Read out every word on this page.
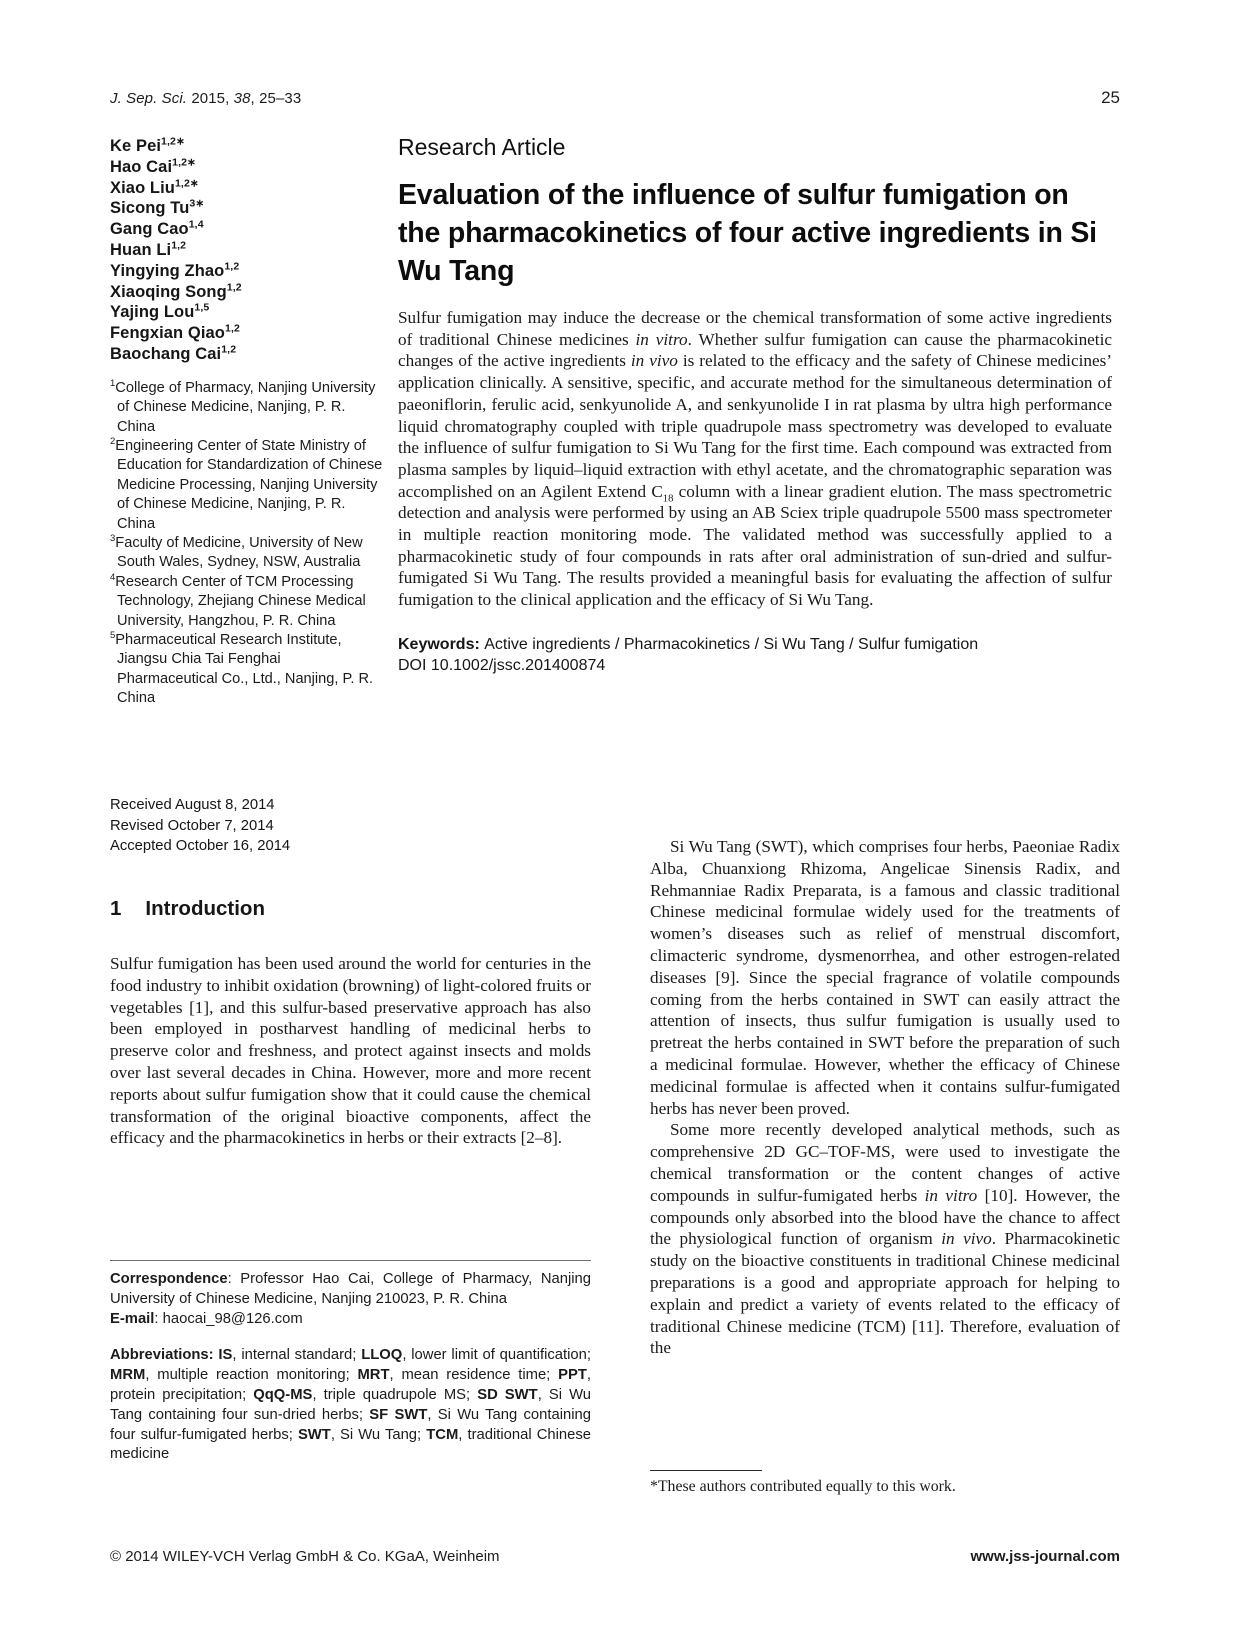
J. Sep. Sci. 2015, 38, 25–33	25
Ke Pei$^{1,2∗}$
Hao Cai$^{1,2∗}$
Xiao Liu$^{1,2∗}$
Sicong $Tu^{3∗}$
Gang Cao$^{1,4}$
Huan Li$^{1,2}$
Yingying Zhao$^{1,2}$
Xiaoqing Song$^{1,2}$
Yajing Lou$^{1,5}$
Fengxian Qiao$^{1,2}$
Baochang Cai$^{1,2}$
$^1$College of Pharmacy, Nanjing University of Chinese Medicine, Nanjing, P. R. China
$^2$Engineering Center of State Ministry of Education for Standardization of Chinese Medicine Processing, Nanjing University of Chinese Medicine, Nanjing, P. R. China
$^3$Faculty of Medicine, University of New South Wales, Sydney, NSW, Australia
$^4$Research Center of TCM Processing Technology, Zhejiang Chinese Medical University, Hangzhou, P. R. China
$^5$Pharmaceutical Research Institute, Jiangsu Chia Tai Fenghai Pharmaceutical Co., Ltd., Nanjing, P. R. China
Research Article
Evaluation of the influence of sulfur fumigation on the pharmacokinetics of four active ingredients in Si Wu Tang
Sulfur fumigation may induce the decrease or the chemical transformation of some active ingredients of traditional Chinese medicines in vitro. Whether sulfur fumigation can cause the pharmacokinetic changes of the active ingredients in vivo is related to the efficacy and the safety of Chinese medicines’ application clinically. A sensitive, specific, and accurate method for the simultaneous determination of paeoniflorin, ferulic acid, senkyunolide A, and senkyunolide I in rat plasma by ultra high performance liquid chromatography coupled with triple quadrupole mass spectrometry was developed to evaluate the influence of sulfur fumigation to Si Wu Tang for the first time. Each compound was extracted from plasma samples by liquid–liquid extraction with ethyl acetate, and the chromatographic separation was accomplished on an Agilent Extend $C_{18}$ column with a linear gradient elution. The mass spectrometric detection and analysis were performed by using an AB Sciex triple quadrupole 5500 mass spectrometer in multiple reaction monitoring mode. The validated method was successfully applied to a pharmacokinetic study of four compounds in rats after oral administration of sun-dried and sulfur-fumigated Si Wu Tang. The results provided a meaningful basis for evaluating the affection of sulfur fumigation to the clinical application and the efficacy of Si Wu Tang.
Keywords: Active ingredients / Pharmacokinetics / Si Wu Tang / Sulfur fumigation
DOI 10.1002/jssc.201400874
Received August 8, 2014
Revised October 7, 2014
Accepted October 16, 2014
1 Introduction
Sulfur fumigation has been used around the world for centuries in the food industry to inhibit oxidation (browning) of light-colored fruits or vegetables [1], and this sulfur-based preservative approach has also been employed in postharvest handling of medicinal herbs to preserve color and freshness, and protect against insects and molds over last several decades in China. However, more and more recent reports about sulfur fumigation show that it could cause the chemical transformation of the original bioactive components, affect the efficacy and the pharmacokinetics in herbs or their extracts [2–8].
Correspondence: Professor Hao Cai, College of Pharmacy, Nanjing University of Chinese Medicine, Nanjing 210023, P. R. China
E-mail: haocai_98@126.com
Abbreviations: IS, internal standard; LLOQ, lower limit of quantification; MRM, multiple reaction monitoring; MRT, mean residence time; PPT, protein precipitation; QqQ-MS, triple quadrupole MS; SD SWT, Si Wu Tang containing four sun-dried herbs; SF SWT, Si Wu Tang containing four sulfur-fumigated herbs; SWT, Si Wu Tang; TCM, traditional Chinese medicine
Si Wu Tang (SWT), which comprises four herbs, Paeoniae Radix Alba, Chuanxiong Rhizoma, Angelicae Sinensis Radix, and Rehmanniae Radix Preparata, is a famous and classic traditional Chinese medicinal formulae widely used for the treatments of women’s diseases such as relief of menstrual discomfort, climacteric syndrome, dysmenorrhea, and other estrogen-related diseases [9]. Since the special fragrance of volatile compounds coming from the herbs contained in SWT can easily attract the attention of insects, thus sulfur fumigation is usually used to pretreat the herbs contained in SWT before the preparation of such a medicinal formulae. However, whether the efficacy of Chinese medicinal formulae is affected when it contains sulfur-fumigated herbs has never been proved.
Some more recently developed analytical methods, such as comprehensive 2D GC–TOF-MS, were used to investigate the chemical transformation or the content changes of active compounds in sulfur-fumigated herbs in vitro [10]. However, the compounds only absorbed into the blood have the chance to affect the physiological function of organism in vivo. Pharmacokinetic study on the bioactive constituents in traditional Chinese medicinal preparations is a good and appropriate approach for helping to explain and predict a variety of events related to the efficacy of traditional Chinese medicine (TCM) [11]. Therefore, evaluation of the
*These authors contributed equally to this work.
© 2014 WILEY-VCH Verlag GmbH & Co. KGaA, Weinheim	www.jss-journal.com
